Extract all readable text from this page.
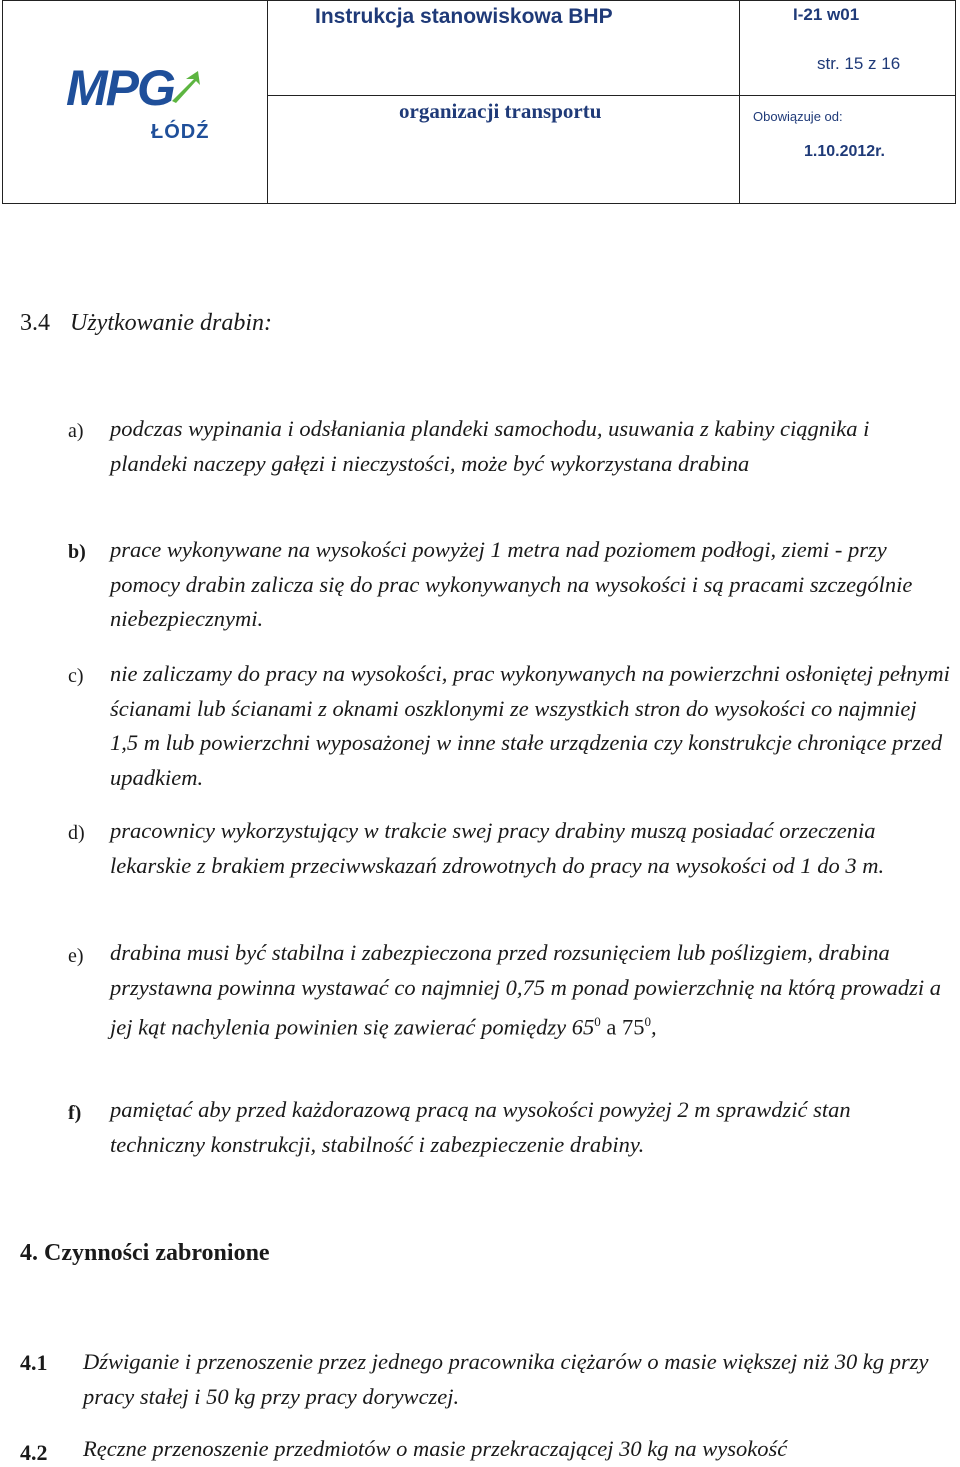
MPG
ŁÓDŹ
Instrukcja stanowiskowa BHP
organizacji transportu
I-21 w01
str. 15 z 16
Obowiązuje od:
1.10.2012r.
3.4 Użytkowanie drabin:
a) podczas wypinania i odsłaniania plandeki samochodu, usuwania z kabiny ciągnika i plandeki naczepy gałęzi i nieczystości, może być wykorzystana drabina
b) prace wykonywane na wysokości powyżej 1 metra nad poziomem podłogi, ziemi - przy pomocy drabin zalicza się do prac wykonywanych na wysokości i są pracami szczególnie niebezpiecznymi.
c) nie zaliczamy do pracy na wysokości, prac wykonywanych na powierzchni osłoniętej pełnymi ścianami lub ścianami z oknami oszklonymi ze wszystkich stron do wysokości co najmniej 1,5 m lub powierzchni wyposażonej w inne stałe urządzenia czy konstrukcje chroniące przed upadkiem.
d) pracownicy wykorzystujący w trakcie swej pracy drabiny muszą posiadać orzeczenia lekarskie z brakiem przeciwwskazań zdrowotnych do pracy na wysokości od 1 do 3 m.
e) drabina musi być stabilna i zabezpieczona przed rozsunięciem lub poślizgiem, drabina przystawna powinna wystawać co najmniej 0,75 m ponad powierzchnię na którą prowadzi a jej kąt nachylenia powinien się zawierać pomiędzy $65^0$ a $75^0$,
f) pamiętać aby przed każdorazową pracą na wysokości powyżej 2 m sprawdzić stan techniczny konstrukcji, stabilność i zabezpieczenie drabiny.
4. Czynności zabronione
4.1 Dźwiganie i przenoszenie przez jednego pracownika ciężarów o masie większej niż 30 kg przy pracy stałej i 50 kg przy pracy dorywczej.
4.2 Ręczne przenoszenie przedmiotów o masie przekraczającej 30 kg na wysokość
